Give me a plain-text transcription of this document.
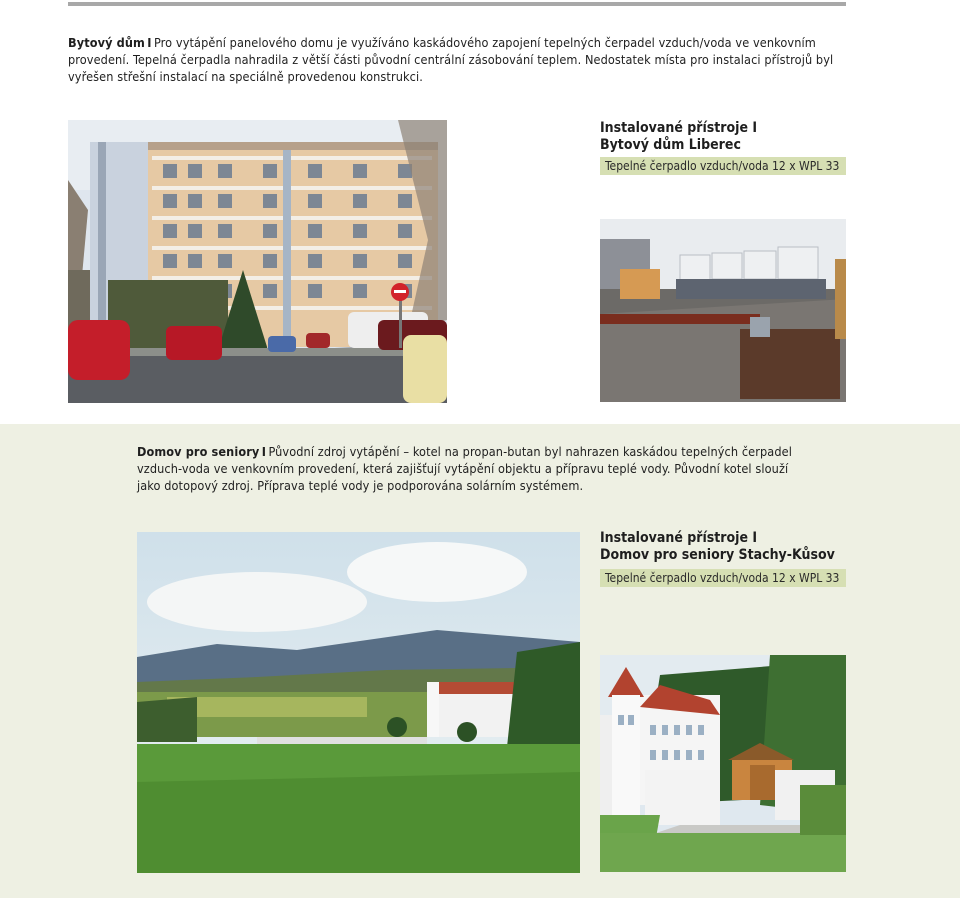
Bytový dům I Pro vytápění panelového domu je využíváno kaskádového zapojení tepelných čerpadel vzduch/voda ve venkovním provedení. Tepelná čerpadla nahradila z větší části původní centrální zásobování teplem. Nedostatek místa pro instalaci přístrojů byl vyřešen střešní instalací na speciálně provedenou konstrukci.

Instalované přístroje I
Bytový dům Liberec
Tepelné čerpadlo vzduch/voda 12 x WPL 33

Domov pro seniory I Původní zdroj vytápění – kotel na propan-butan byl nahrazen kaskádou tepelných čerpadel vzduch-voda ve venkovním provedení, která zajišťují vytápění objektu a přípravu teplé vody. Původní kotel slouží jako dotopový zdroj. Příprava teplé vody je podporována solárním systémem.

Instalované přístroje I
Domov pro seniory Stachy-Kůsov
Tepelné čerpadlo vzduch/voda 12 x WPL 33
